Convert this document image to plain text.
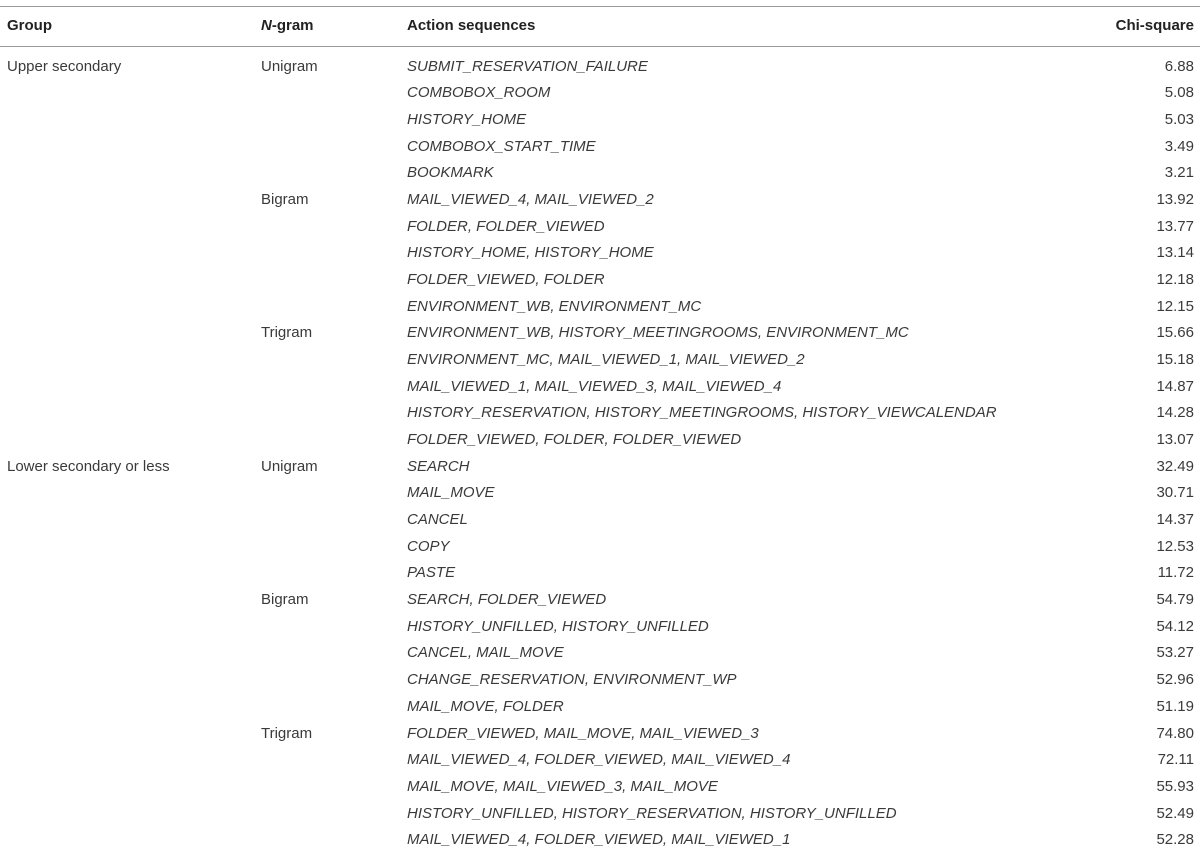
Group	N-gram	Action sequences	Chi-square
Upper secondary	Unigram	SUBMIT_RESERVATION_FAILURE	6.88
COMBOBOX_ROOM	5.08
HISTORY_HOME	5.03
COMBOBOX_START_TIME	3.49
BOOKMARK	3.21
Bigram	MAIL_VIEWED_4, MAIL_VIEWED_2	13.92
FOLDER, FOLDER_VIEWED	13.77
HISTORY_HOME, HISTORY_HOME	13.14
FOLDER_VIEWED, FOLDER	12.18
ENVIRONMENT_WB, ENVIRONMENT_MC	12.15
Trigram	ENVIRONMENT_WB, HISTORY_MEETINGROOMS, ENVIRONMENT_MC	15.66
ENVIRONMENT_MC, MAIL_VIEWED_1, MAIL_VIEWED_2	15.18
MAIL_VIEWED_1, MAIL_VIEWED_3, MAIL_VIEWED_4	14.87
HISTORY_RESERVATION, HISTORY_MEETINGROOMS, HISTORY_VIEWCALENDAR	14.28
FOLDER_VIEWED, FOLDER, FOLDER_VIEWED	13.07
Lower secondary or less	Unigram	SEARCH	32.49
MAIL_MOVE	30.71
CANCEL	14.37
COPY	12.53
PASTE	11.72
Bigram	SEARCH, FOLDER_VIEWED	54.79
HISTORY_UNFILLED, HISTORY_UNFILLED	54.12
CANCEL, MAIL_MOVE	53.27
CHANGE_RESERVATION, ENVIRONMENT_WP	52.96
MAIL_MOVE, FOLDER	51.19
Trigram	FOLDER_VIEWED, MAIL_MOVE, MAIL_VIEWED_3	74.80
MAIL_VIEWED_4, FOLDER_VIEWED, MAIL_VIEWED_4	72.11
MAIL_MOVE, MAIL_VIEWED_3, MAIL_MOVE	55.93
HISTORY_UNFILLED, HISTORY_RESERVATION, HISTORY_UNFILLED	52.49
MAIL_VIEWED_4, FOLDER_VIEWED, MAIL_VIEWED_1	52.28
